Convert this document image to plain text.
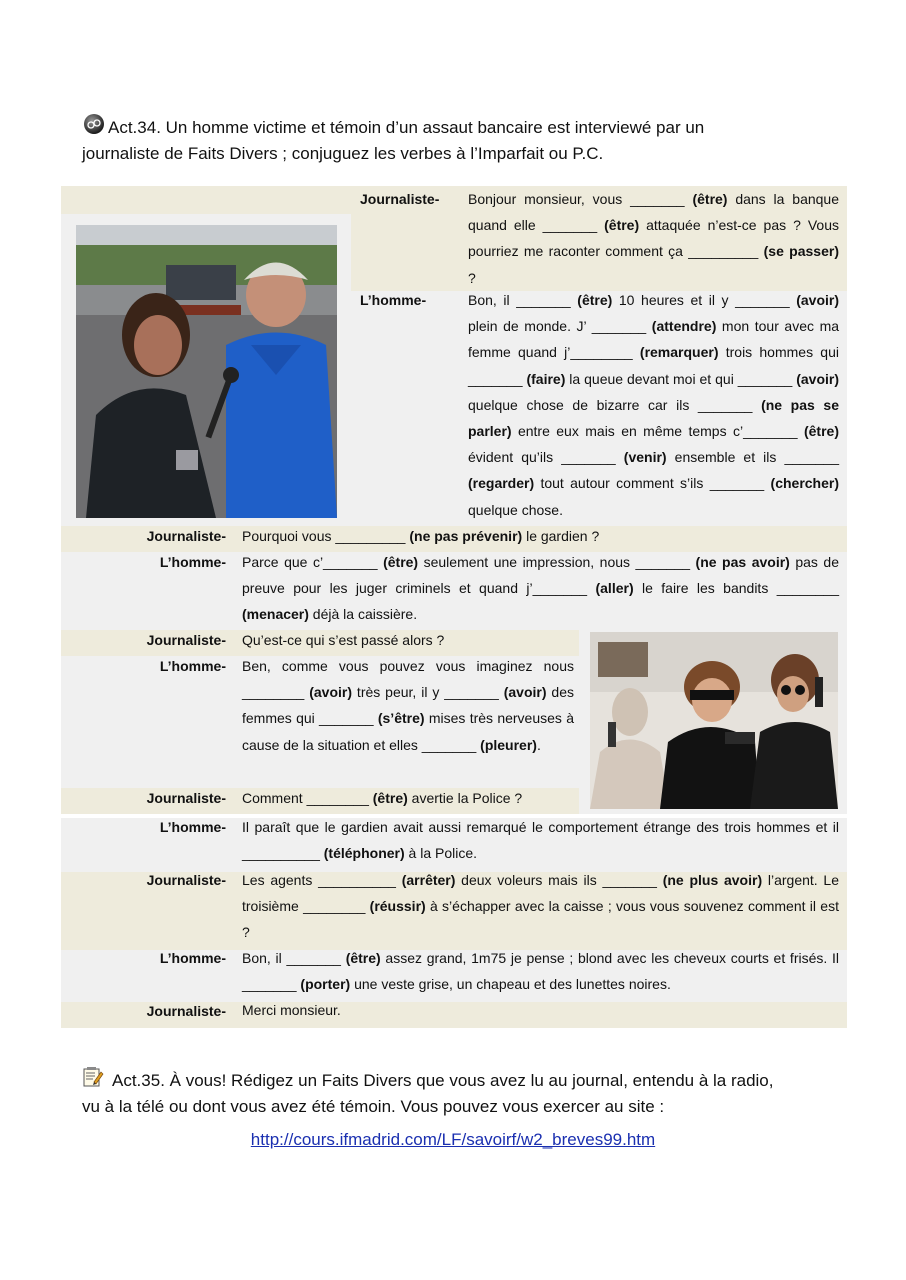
Act.34. Un homme victime et témoin d’un assaut bancaire est interviewé par un journaliste de Faits Divers ; conjuguez les verbes à l’Imparfait ou P.C.
Journaliste- Bonjour monsieur, vous _______ (être) dans la banque quand elle _______ (être) attaquée n’est-ce pas ? Vous pourriez me raconter comment ça _________ (se passer) ?
L’homme-	Bon, il _______ (être) 10 heures et il y _______ (avoir) plein de monde. J’ _______ (attendre) mon tour avec ma femme quand j’________ (remarquer) trois hommes qui _______ (faire) la queue devant moi et qui _______ (avoir) quelque chose de bizarre car ils _______ (ne pas se parler) entre eux mais en même temps c’_______ (être) évident qu’ils _______ (venir) ensemble et ils _______ (regarder) tout autour comment s’ils _______ (chercher) quelque chose.
Journaliste- Pourquoi vous _________ (ne pas prévenir) le gardien ?
L’homme- Parce que c’_______ (être) seulement une impression, nous _______ (ne pas avoir) pas de preuve pour les juger criminels et quand j’_______ (aller) le faire les bandits ________ (menacer) déjà la caissière.
Journaliste- Qu’est-ce qui s’est passé alors ?
L’homme- Ben, comme vous pouvez vous imaginez nous ________ (avoir) très peur, il y _______ (avoir) des femmes qui _______ (s’être) mises très nerveuses à cause de la situation et elles _______ (pleurer).
Journaliste- Comment ________ (être) avertie la Police ?
L’homme- Il paraît que le gardien avait aussi remarqué le comportement étrange des trois hommes et il __________ (téléphoner) à la Police.
Journaliste- Les agents __________ (arrêter) deux voleurs mais ils _______ (ne plus avoir) l’argent. Le troisième ________ (réussir) à s’échapper avec la caisse ; vous vous souvenez comment il est ?
L’homme- Bon, il _______ (être) assez grand, 1m75 je pense ; blond avec les cheveux courts et frisés. Il _______ (porter) une veste grise, un chapeau et des lunettes noires.
Journaliste- Merci monsieur.
Act.35. À vous! Rédigez un Faits Divers que vous avez lu au journal, entendu à la radio, vu à la télé ou dont vous avez été témoin. Vous pouvez vous exercer au site :
http://cours.ifmadrid.com/LF/savoirf/w2_breves99.htm
